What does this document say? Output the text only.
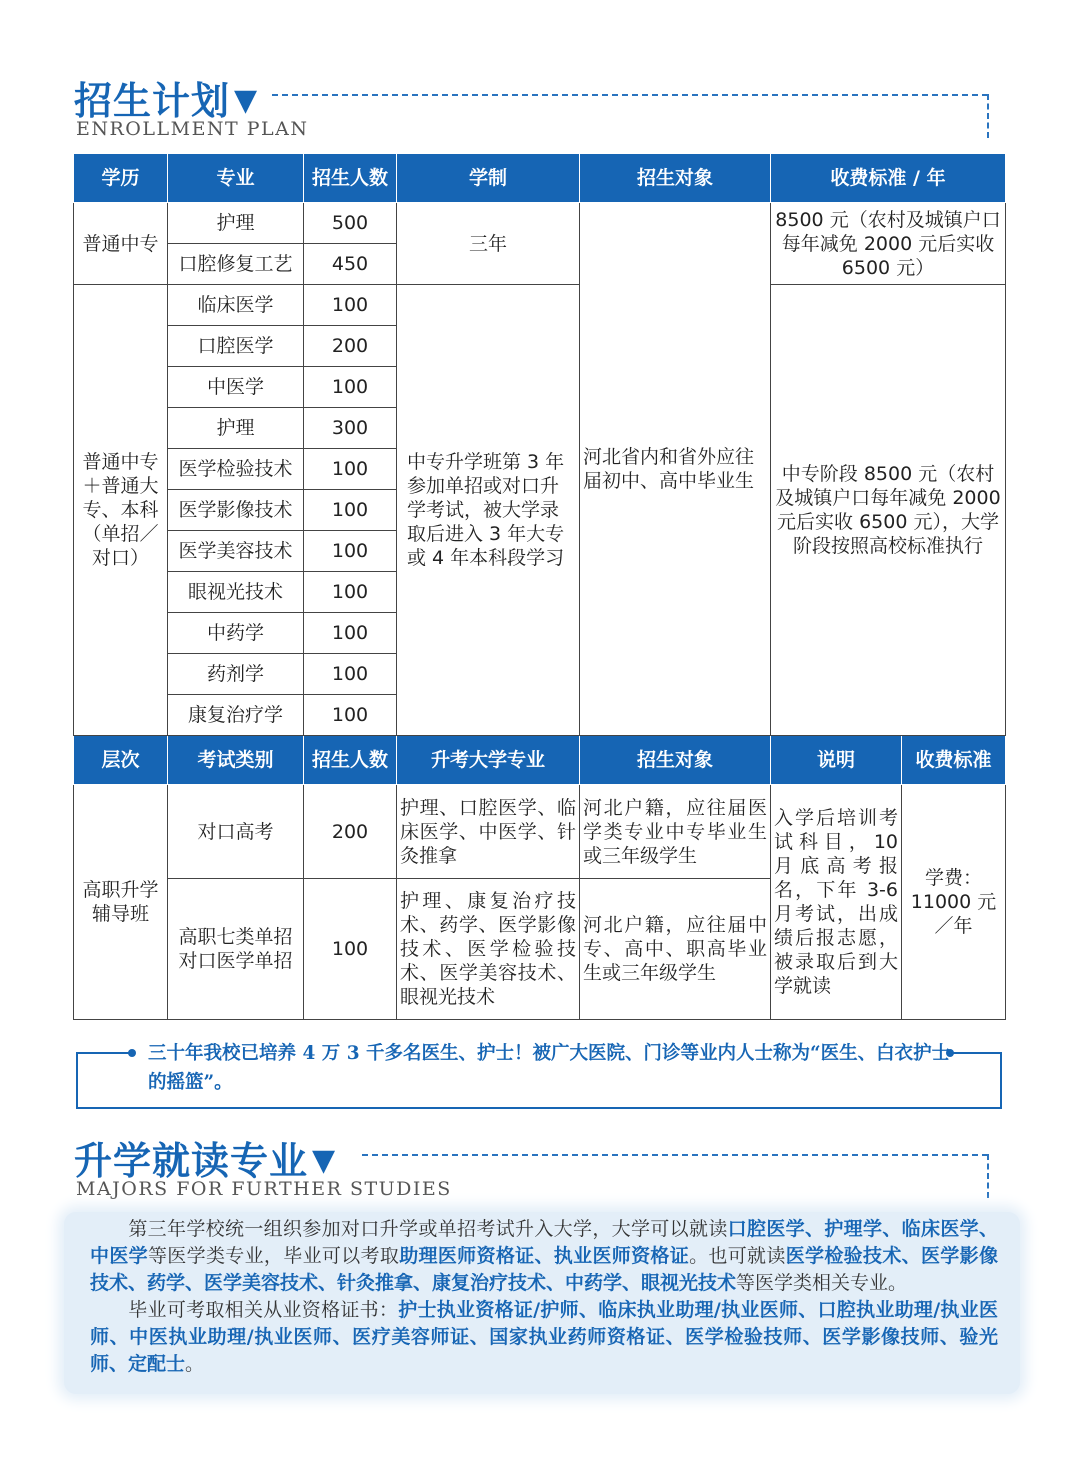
招生计划 ▼
ENROLLMENT PLAN
学历	专业	招生人数	学制	招生对象	收费标准 / 年	
普通中专	护理	500	三年	河北省内和省外应往届初中、高中毕业生	8500 元（农村及城镇户口每年减免 2000 元后实收 6500 元）	
	口腔修复工艺	450				
普通中专＋普通大专、本科（单招／对口）	临床医学	100	中专升学班第 3 年参加单招或对口升学考试，被大学录取后进入 3 年大专或 4 年本科段学习		中专阶段 8500 元（农村及城镇户口每年减免 2000元后实收 6500 元），大学阶段按照高校标准执行	
	口腔医学	200				
	中医学	100				
	护理	300				
	医学检验技术	100				
	医学影像技术	100				
	医学美容技术	100				
	眼视光技术	100				
	中药学	100				
	药剂学	100				
	康复治疗学	100				
层次	考试类别	招生人数	升考大学专业	招生对象	说明	收费标准
高职升学辅导班	对口高考	200	护理、口腔医学、临床医学、中医学、针灸推拿	河北户籍，应往届医学类专业中专毕业生或三年级学生	入学后培训考试科目，10 月底高考报名，下年 3-6 月考试，出成绩后报志愿，被录取后到大学就读	学费：11000 元／年
	高职七类单招对口医学单招	100	护理、康复治疗技术、药学、医学影像技术、医学检验技术、医学美容技术、眼视光技术	河北户籍，应往届中专、高中、职高毕业生或三年级学生		
三十年我校已培养 4 万 3 千多名医生、护士！被广大医院、门诊等业内人士称为“医生、白衣护士的摇篮”。
升学就读专业 ▼
MAJORS FOR FURTHER STUDIES

第三年学校统一组织参加对口升学或单招考试升入大学，大学可以就读口腔医学、护理学、临床医学、中医学等医学类专业，毕业可以考取助理医师资格证、执业医师资格证。也可就读医学检验技术、医学影像技术、药学、医学美容技术、针灸推拿、康复治疗技术、中药学、眼视光技术等医学类相关专业。

毕业可考取相关从业资格证书：护士执业资格证/护师、临床执业助理/执业医师、口腔执业助理/执业医师、中医执业助理/执业医师、医疗美容师证、国家执业药师资格证、医学检验技师、医学影像技师、验光师、定配士。
